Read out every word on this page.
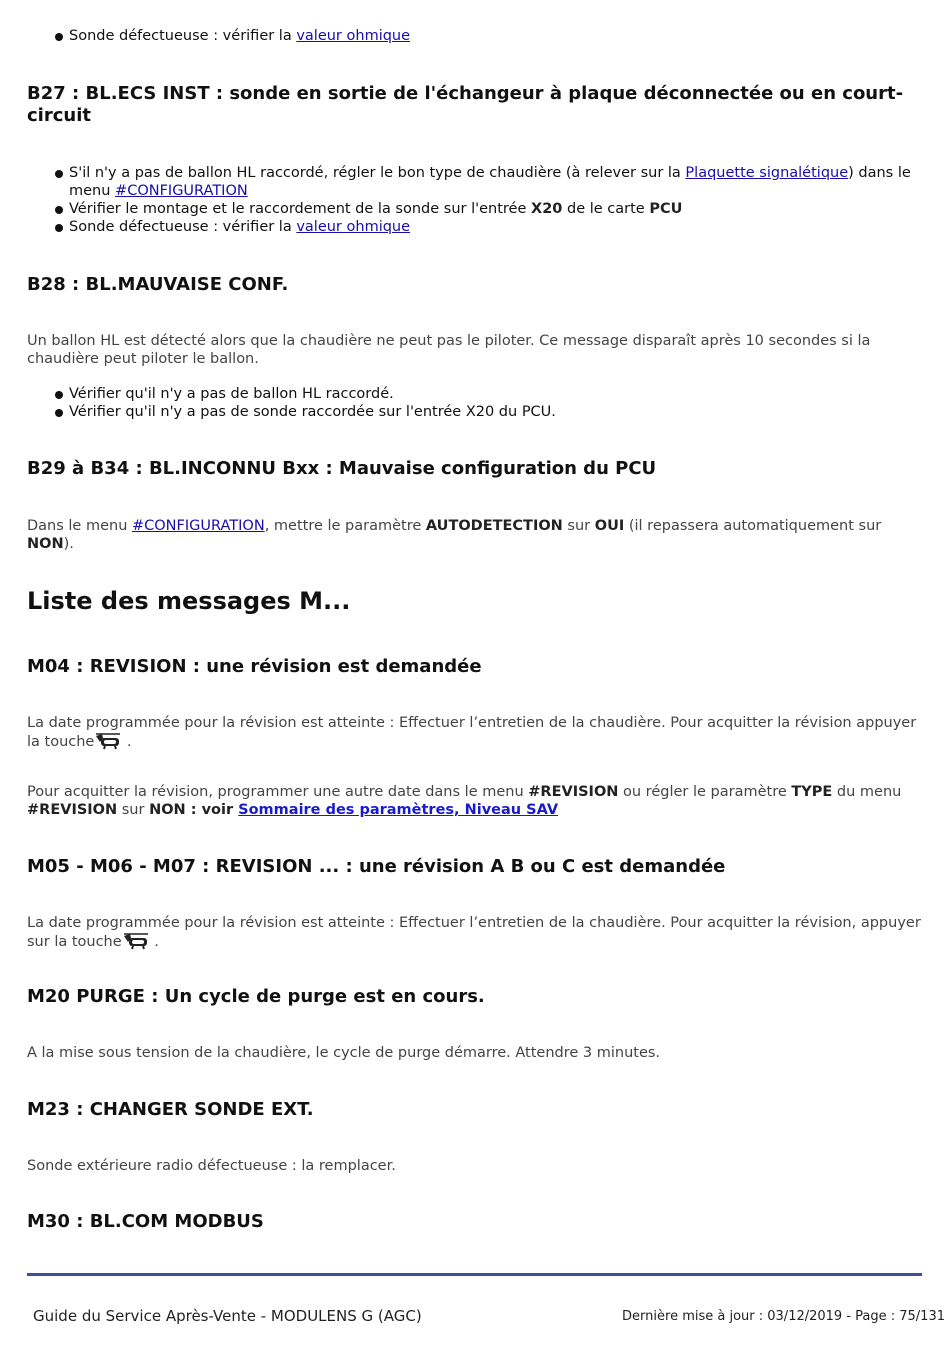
Sonde défectueuse : vérifier la valeur ohmique
B27 : BL.ECS INST : sonde en sortie de l'échangeur à plaque déconnectée ou en court-circuit
S'il n'y a pas de ballon HL raccordé, régler le bon type de chaudière (à relever sur la Plaquette signalétique) dans le menu #CONFIGURATION
Vérifier le montage et le raccordement de la sonde sur l'entrée X20 de le carte PCU
Sonde défectueuse : vérifier la valeur ohmique
B28 : BL.MAUVAISE CONF.

Un ballon HL est détecté alors que la chaudière ne peut pas le piloter. Ce message disparaît après 10 secondes si la chaudière peut piloter le ballon.

Vérifier qu'il n'y a pas de ballon HL raccordé.
Vérifier qu'il n'y a pas de sonde raccordée sur l'entrée X20 du PCU.
B29 à B34 : BL.INCONNU Bxx : Mauvaise configuration du PCU

Dans le menu #CONFIGURATION, mettre le paramètre AUTODETECTION sur OUI (il repassera automatiquement sur NON).

Liste des messages M...
M04 : REVISION : une révision est demandée

La date programmée pour la révision est atteinte : Effectuer l’entretien de la chaudière. Pour acquitter la révision appuyer la touche .

Pour acquitter la révision, programmer une autre date dans le menu #REVISION ou régler le paramètre TYPE du menu #REVISION sur NON : voir Sommaire des paramètres, Niveau SAV

M05 - M06 - M07 : REVISION ... : une révision A B ou C est demandée

La date programmée pour la révision est atteinte : Effectuer l’entretien de la chaudière. Pour acquitter la révision, appuyer sur la touche .

M20 PURGE : Un cycle de purge est en cours.

A la mise sous tension de la chaudière, le cycle de purge démarre. Attendre 3 minutes.

M23 : CHANGER SONDE EXT.

Sonde extérieure radio défectueuse : la remplacer.

M30 : BL.COM MODBUS
Guide du Service Après-Vente - MODULENS G (AGC)	Dernière mise à jour : 03/12/2019 - Page : 75/131
